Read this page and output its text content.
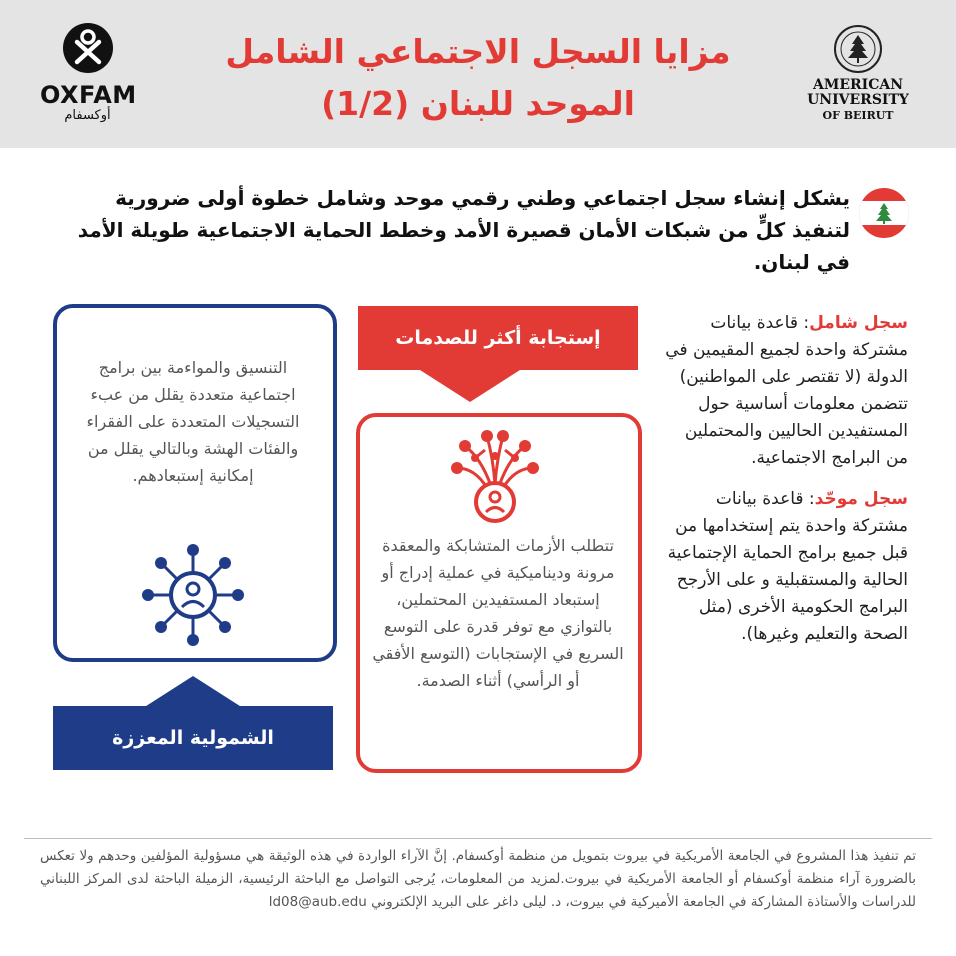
OXFAM
أوكسفام
مزايا السجل الاجتماعي الشامل
الموحد للبنان (1/2)	AMERICAN
UNIVERSITY
OF BEIRUT
يشكل إنشاء سجل اجتماعي وطني رقمي موحد وشامل خطوة أولى ضرورية لتنفيذ كلٍّ من شبكات الأمان قصيرة الأمد وخطط الحماية الاجتماعية طويلة الأمد في لبنان.
سجل شامل: قاعدة بيانات مشتركة واحدة لجميع المقيمين في الدولة (لا تقتصر على المواطنين) تتضمن معلومات أساسية حول المستفيدين الحاليين والمحتملين من البرامج الاجتماعية.
سجل موحّد: قاعدة بيانات مشتركة واحدة يتم إستخدامها من قبل جميع برامج الحماية الإجتماعية الحالية والمستقبلية و على الأرجح البرامج الحكومية الأخرى (مثل الصحة والتعليم وغيرها).
التنسيق والمواءمة بين برامج اجتماعية متعددة يقلل من عبء التسجيلات المتعددة على الفقراء والفئات الهشة وبالتالي يقلل من إمكانية إستبعادهم.
الشمولية المعززة
إستجابة أكثر للصدمات
تتطلب الأزمات المتشابكة والمعقدة مرونة وديناميكية في عملية إدراج أو إستبعاد المستفيدين المحتملين، بالتوازي مع توفر قدرة على التوسع السريع في الإستجابات (التوسع الأفقي أو الرأسي) أثناء الصدمة.
تم تنفيذ هذا المشروع في الجامعة الأمريكية في بيروت بتمويل من منظمة أوكسفام. إنَّ الآراء الواردة في هذه الوثيقة هي مسؤولية المؤلفين وحدهم ولا تعكس بالضرورة آراء منظمة أوكسفام أو الجامعة الأمريكية في بيروت.لمزيد من المعلومات، يُرجى التواصل مع الباحثة الرئيسية، الزميلة الباحثة لدى المركز اللبناني للدراسات والأستاذة المشاركة في الجامعة الأميركية في بيروت، د. ليلى داغر على البريد الإلكتروني ld08@aub.edu
